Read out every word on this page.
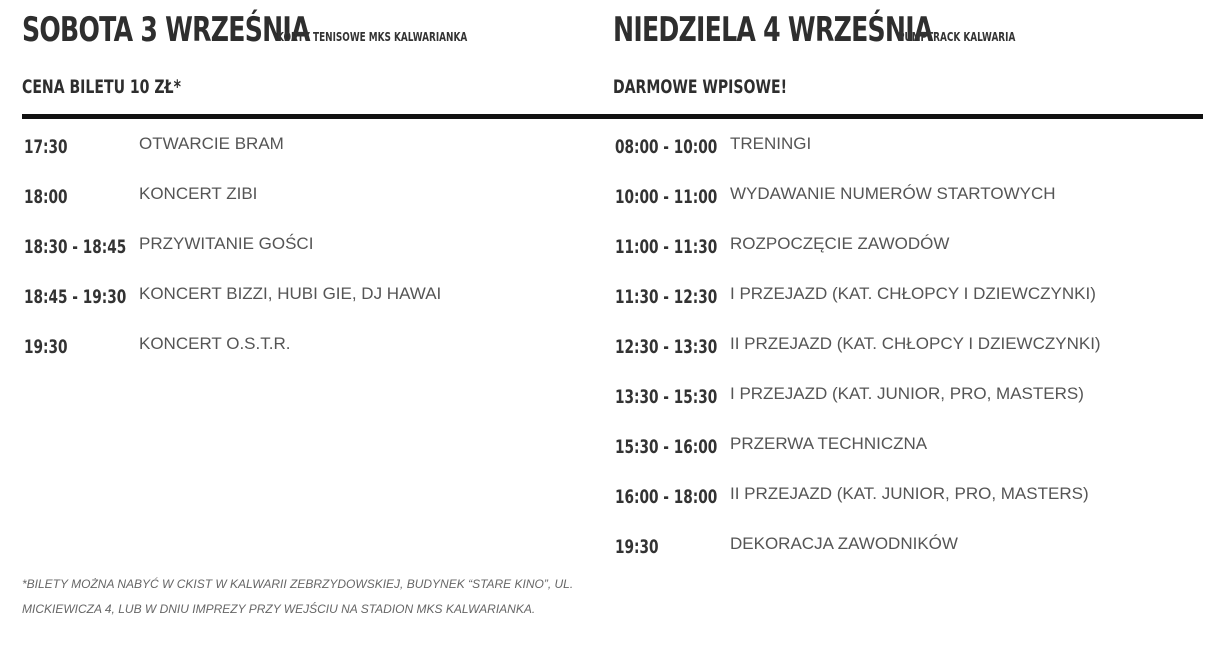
SOBOTA 3 WRZEŚNIA
KORTY TENISOWE MKS KALWARIANKA
CENA BILETU 10 ZŁ*
17:30	OTWARCIE BRAM
18:00	KONCERT ZIBI
18:30 - 18:45 PRZYWITANIE GOŚCI
18:45 - 19:30 KONCERT BIZZI, HUBI GIE, DJ HAWAI
19:30	KONCERT O.S.T.R.
NIEDZIELA 4 WRZEŚNIA
PUMPTRACK KALWARIA
DARMOWE WPISOWE!
08:00 - 10:00 TRENINGI
10:00 - 11:00 WYDAWANIE NUMERÓW STARTOWYCH
11:00 - 11:30 ROZPOCZĘCIE ZAWODÓW
11:30 - 12:30 I PRZEJAZD (KAT. CHŁOPCY I DZIEWCZYNKI)
12:30 - 13:30 II PRZEJAZD (KAT. CHŁOPCY I DZIEWCZYNKI)
13:30 - 15:30 I PRZEJAZD (KAT. JUNIOR, PRO, MASTERS)
15:30 - 16:00 PRZERWA TECHNICZNA
16:00 - 18:00 II PRZEJAZD (KAT. JUNIOR, PRO, MASTERS)
19:30	DEKORACJA ZAWODNIKÓW
*BILETY MOŻNA NABYĆ W CKIST W KALWARII ZEBRZYDOWSKIEJ, BUDYNEK “STARE KINO”, UL. MICKIEWICZA 4, LUB W DNIU IMPREZY PRZY WEJŚCIU NA STADION MKS KALWARIANKA.
